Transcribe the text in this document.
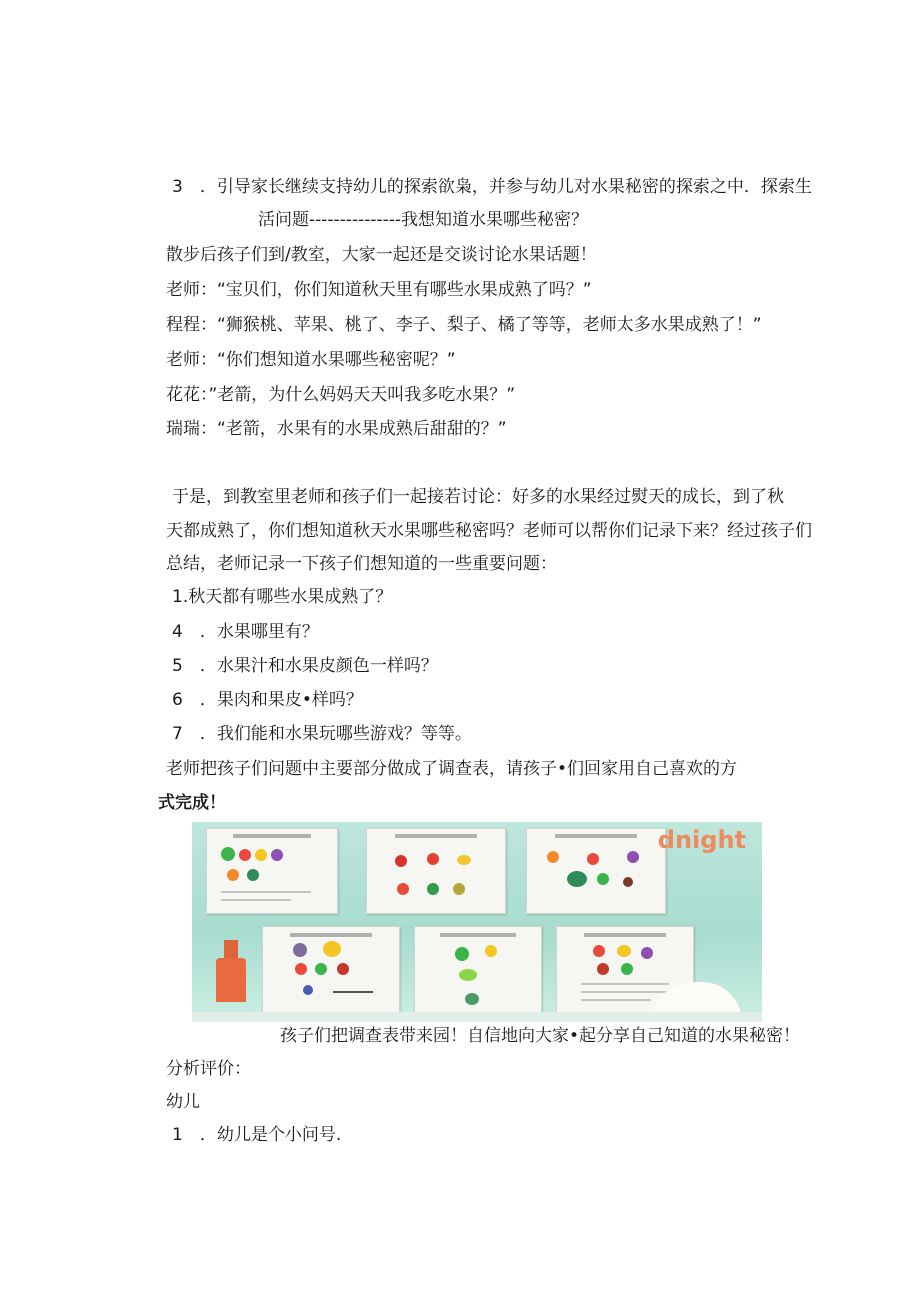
3　．引导家长继续支持幼儿的探索欲枭，并参与幼儿对水果秘密的探索之中．探索生
活问题---------------我想知道水果哪些秘密？
散步后孩子们到/教室，大家一起还是交谈讨论水果话题！
老师：“宝贝们，你们知道秋天里有哪些水果成熟了吗？”
程程：“狮猴桃、苹果、桃了、李子、梨子、橘了等等，老师太多水果成熟了！”
老师：“你们想知道水果哪些秘密呢？”
花花：”老箭，为什么妈妈天天叫我多吃水果？”
瑞瑞：“老箭，水果有的水果成熟后甜甜的？”
于是，到教室里老师和孩子们一起接若讨论：好多的水果经过熨天的成长，到了秋
天都成熟了，你们想知道秋天水果哪些秘密吗？老师可以帮你们记录下来？经过孩子们
总结，老师记录一下孩子们想知道的一些重要问题：
1.秋天都有哪些水果成熟了？
4　．水果哪里有？
5　．水果汁和水果皮颜色一样吗？
6　．果肉和果皮•样吗？
7　．我们能和水果玩哪些游戏？等等。
老师把孩子们问题中主要部分做成了调查表，请孩子•们回家用自己喜欢的方
式完成！
dnight
孩子们把调查表带来园！自信地向大家•起分享自己知道的水果秘密！
分析评价：
幼儿
1　．幼儿是个小问号.
